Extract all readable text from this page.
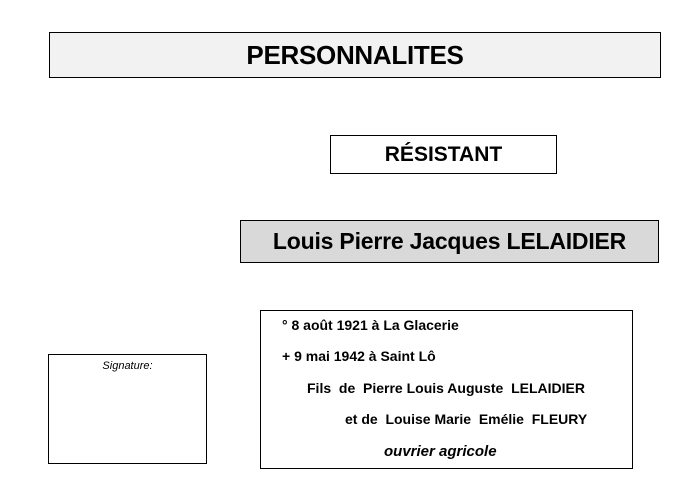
PERSONNALITES
RÉSISTANT
Louis Pierre Jacques LELAIDIER
Signature:
° 8 août 1921 à La Glacerie
+ 9 mai 1942 à Saint Lô
Fils  de  Pierre Louis Auguste  LELAIDIER
et de  Louise Marie  Emélie  FLEURY
ouvrier agricole
